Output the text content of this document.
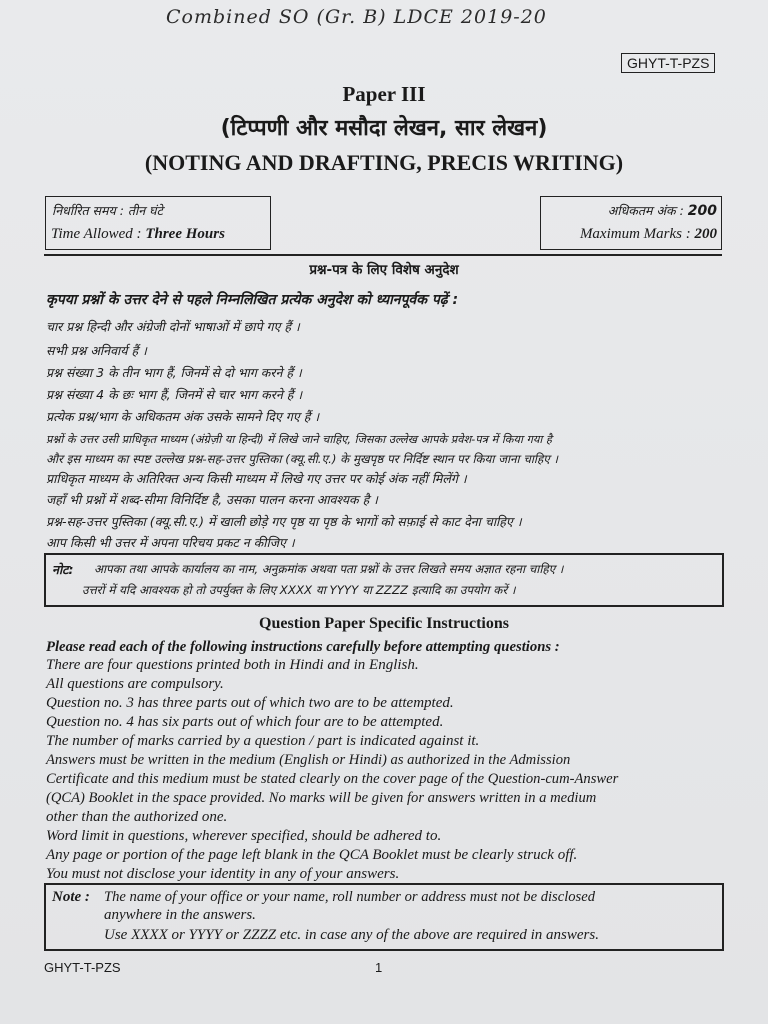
Combined SO (Gr. B) LDCE 2019-20
GHYT-T-PZS
Paper III
(टिप्पणी और मसौदा लेखन, सार लेखन)
(NOTING AND DRAFTING, PRECIS WRITING)
निर्धारित समय : तीन घंटे
Time Allowed : Three Hours
अधिकतम अंक : 200
Maximum Marks : 200
प्रश्न-पत्र के लिए विशेष अनुदेश
कृपया प्रश्नों के उत्तर देने से पहले निम्नलिखित प्रत्येक अनुदेश को ध्यानपूर्वक पढ़ें :
चार प्रश्न हिन्दी और अंग्रेजी दोनों भाषाओं में छापे गए हैं ।
सभी प्रश्न अनिवार्य हैं ।
प्रश्न संख्या 3 के तीन भाग हैं, जिनमें से दो भाग करने हैं ।
प्रश्न संख्या 4 के छः भाग हैं, जिनमें से चार भाग करने हैं ।
प्रत्येक प्रश्न/भाग के अधिकतम अंक उसके सामने दिए गए हैं ।
प्रश्नों के उत्तर उसी प्राधिकृत माध्यम (अंग्रेज़ी या हिन्दी) में लिखे जाने चाहिए, जिसका उल्लेख आपके प्रवेश-पत्र में किया गया है
और इस माध्यम का स्पष्ट उल्लेख प्रश्न-सह-उत्तर पुस्तिका (क्यू.सी.ए.) के मुखपृष्ठ पर निर्दिष्ट स्थान पर किया जाना चाहिए ।
प्राधिकृत माध्यम के अतिरिक्त अन्य किसी माध्यम में लिखे गए उत्तर पर कोई अंक नहीं मिलेंगे ।
जहाँ भी प्रश्नों में शब्द-सीमा विनिर्दिष्ट है, उसका पालन करना आवश्यक है ।
प्रश्न-सह-उत्तर पुस्तिका (क्यू.सी.ए.) में खाली छोड़े गए पृष्ठ या पृष्ठ के भागों को सफ़ाई से काट देना चाहिए ।
आप किसी भी उत्तर में अपना परिचय प्रकट न कीजिए ।
नोट: आपका तथा आपके कार्यालय का नाम, अनुक्रमांक अथवा पता प्रश्नों के उत्तर लिखते समय अज्ञात रहना चाहिए ।
उत्तरों में यदि आवश्यक हो तो उपर्युक्त के लिए XXXX या YYYY या ZZZZ इत्यादि का उपयोग करें ।
Question Paper Specific Instructions
Please read each of the following instructions carefully before attempting questions :
There are four questions printed both in Hindi and in English.
All questions are compulsory.
Question no. 3 has three parts out of which two are to be attempted.
Question no. 4 has six parts out of which four are to be attempted.
The number of marks carried by a question / part is indicated against it.
Answers must be written in the medium (English or Hindi) as authorized in the Admission
Certificate and this medium must be stated clearly on the cover page of the Question-cum-Answer
(QCA) Booklet in the space provided. No marks will be given for answers written in a medium
other than the authorized one.
Word limit in questions, wherever specified, should be adhered to.
Any page or portion of the page left blank in the QCA Booklet must be clearly struck off.
You must not disclose your identity in any of your answers.
Note : The name of your office or your name, roll number or address must not be disclosed
anywhere in the answers.
Use XXXX or YYYY or ZZZZ etc. in case any of the above are required in answers.
GHYT-T-PZS	1
